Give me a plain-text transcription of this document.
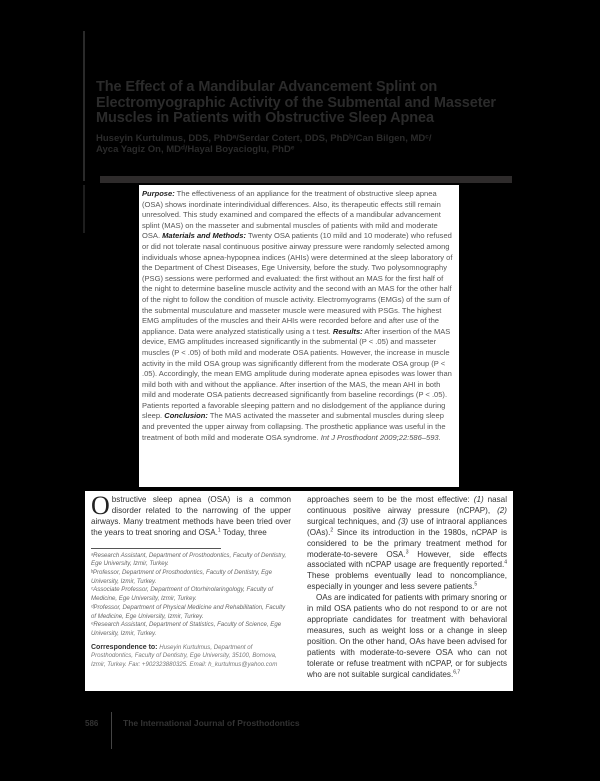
The Effect of a Mandibular Advancement Splint on Electromyographic Activity of the Submental and Masseter Muscles in Patients with Obstructive Sleep Apnea
Huseyin Kurtulmus, DDS, PhDᵃ/Serdar Cotert, DDS, PhDᵇ/Can Bilgen, MDᶜ/
Ayca Yagiz On, MDᵈ/Hayal Boyacioglu, PhDᵉ
Purpose: The effectiveness of an appliance for the treatment of obstructive sleep apnea (OSA) shows inordinate interindividual differences. Also, its therapeutic effects still remain unresolved. This study examined and compared the effects of a mandibular advancement splint (MAS) on the masseter and submental muscles of patients with mild and moderate OSA. Materials and Methods: Twenty OSA patients (10 mild and 10 moderate) who refused or did not tolerate nasal continuous positive airway pressure were randomly selected among individuals whose apnea-hypopnea indices (AHIs) were determined at the sleep laboratory of the Department of Chest Diseases, Ege University, before the study. Two polysomnography (PSG) sessions were performed and evaluated: the first without an MAS for the first half of the night to determine baseline muscle activity and the second with an MAS for the other half of the night to follow the condition of muscle activity. Electromyograms (EMGs) of the sum of the submental musculature and masseter muscle were measured with PSGs. The highest EMG amplitudes of the muscles and their AHIs were recorded before and after use of the appliance. Data were analyzed statistically using a t test. Results: After insertion of the MAS device, EMG amplitudes increased significantly in the submental (P < .05) and masseter muscles (P < .05) of both mild and moderate OSA patients. However, the increase in muscle activity in the mild OSA group was significantly different from the moderate OSA group (P < .05). Accordingly, the mean EMG amplitude during moderate apnea episodes was lower than mild both with and without the appliance. After insertion of the MAS, the mean AHI in both mild and moderate OSA patients decreased significantly from baseline recordings (P < .05). Patients reported a favorable sleeping pattern and no dislodgement of the appliance during sleep. Conclusion: The MAS activated the masseter and submental muscles during sleep and prevented the upper airway from collapsing. The prosthetic appliance was useful in the treatment of both mild and moderate OSA syndrome. Int J Prosthodont 2009;22:586–593.

Obstructive sleep apnea (OSA) is a common disorder related to the narrowing of the upper airways. Many treatment methods have been tried over the years to treat snoring and OSA.$^1$ Today, three

ᵃResearch Assistant, Department of Prosthodontics, Faculty of Dentistry, Ege University, Izmir, Turkey.
ᵇProfessor, Department of Prosthodontics, Faculty of Dentistry, Ege University, Izmir, Turkey.
ᶜAssociate Professor, Department of Otorhinolaringology, Faculty of Medicine, Ege University, Izmir, Turkey.
ᵈProfessor, Department of Physical Medicine and Rehabilitation, Faculty of Medicine, Ege University, Izmir, Turkey.
ᵉResearch Assistant, Department of Statistics, Faculty of Science, Ege University, Izmir, Turkey.
Correspondence to: Huseyin Kurtulmus, Department of Prosthodontics, Faculty of Dentistry, Ege University, 35100, Bornova, Izmir, Turkey. Fax: +902323880325. Email: h_kurtulmus@yahoo.com

approaches seem to be the most effective: (1) nasal continuous positive airway pressure (nCPAP), (2) surgical techniques, and (3) use of intraoral appliances (OAs).$^2$ Since its introduction in the 1980s, nCPAP is considered to be the primary treatment method for moderate-to-severe OSA.$^3$ However, side effects associated with nCPAP usage are frequently reported.$^4$ These problems eventually lead to noncompliance, especially in younger and less severe patients.$^5$

OAs are indicated for patients with primary snoring or in mild OSA patients who do not respond to or are not appropriate candidates for treatment with behavioral measures, such as weight loss or a change in sleep position. On the other hand, OAs have been advised for patients with moderate-to-severe OSA who can not tolerate or refuse treatment with nCPAP, or for subjects who are not suitable surgical candidates.$^{6,7}$

586	The International Journal of Prosthodontics
